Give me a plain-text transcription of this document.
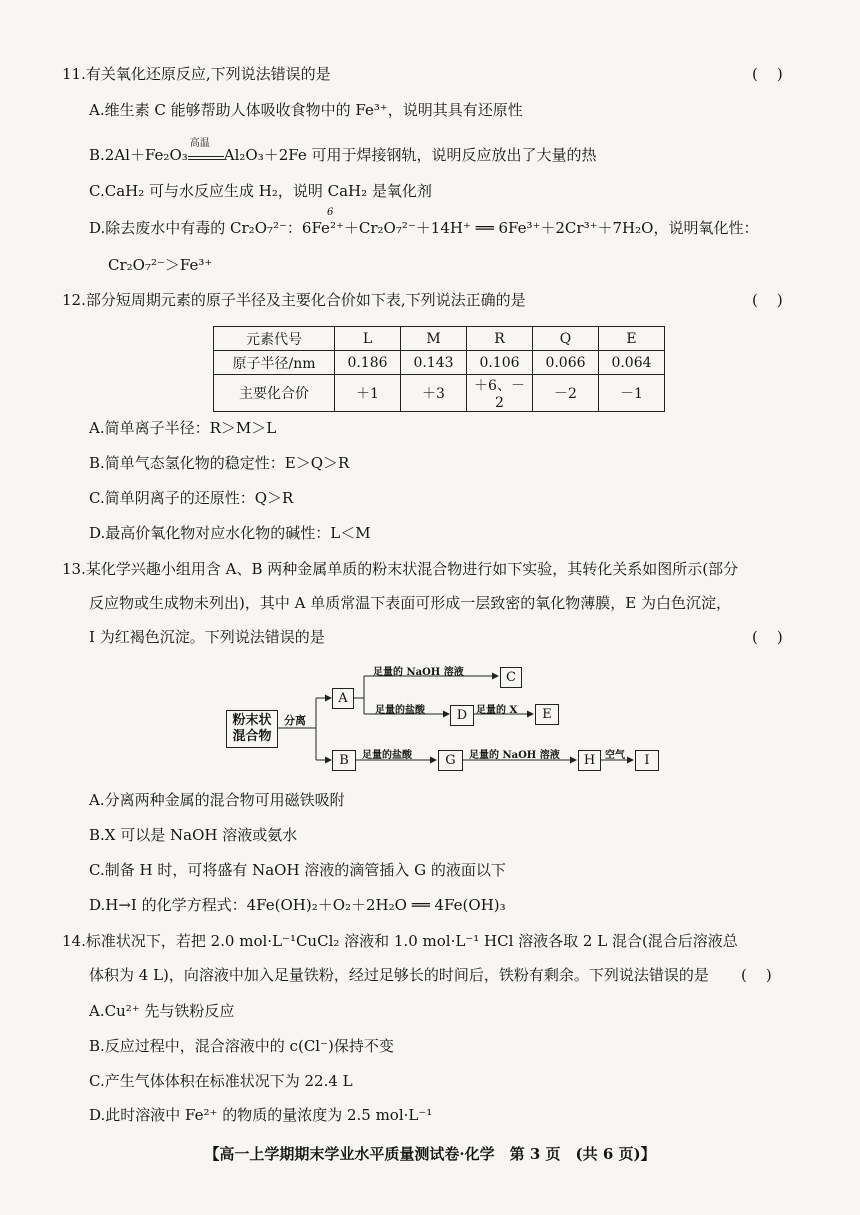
11.有关氧化还原反应,下列说法错误的是	(    )
A.维生素 C 能够帮助人体吸收食物中的 Fe³⁺，说明其具有还原性
B.2Al＋Fe₂O₃
高温
Al₂O₃＋2Fe 可用于焊接钢轨，说明反应放出了大量的热
C.CaH₂ 可与水反应生成 H₂，说明 CaH₂ 是氧化剂
D.除去废水中有毒的 Cr₂O₇²⁻：6Fe²⁺＋Cr₂O₇²⁻＋14H⁺ ══ 6Fe³⁺＋2Cr³⁺＋7H₂O，说明氧化性：
6
Cr₂O₇²⁻＞Fe³⁺
12.部分短周期元素的原子半径及主要化合价如下表,下列说法正确的是	(    )
元素代号	L	M	R	Q	E
原子半径/nm	0.186	0.143	0.106	0.066	0.064
主要化合价	＋1	＋3	＋6、－2	－2	－1
A.简单离子半径：R＞M＞L
B.简单气态氢化物的稳定性：E＞Q＞R
C.简单阴离子的还原性：Q＞R
D.最高价氧化物对应水化物的碱性：L＜M
13.某化学兴趣小组用含 A、B 两种金属单质的粉末状混合物进行如下实验，其转化关系如图所示(部分
反应物或生成物未列出)，其中 A 单质常温下表面可形成一层致密的氧化物薄膜，E 为白色沉淀，
I 为红褐色沉淀。下列说法错误的是	(    )
粉末状
混合物
分离
A
B
C
D	E
G	H	I
足量的 NaOH 溶液
足量的盐酸	足量的 X
足量的盐酸	足量的 NaOH 溶液	空气
A.分离两种金属的混合物可用磁铁吸附
B.X 可以是 NaOH 溶液或氨水
C.制备 H 时，可将盛有 NaOH 溶液的滴管插入 G 的液面以下
D.H→I 的化学方程式：4Fe(OH)₂＋O₂＋2H₂O ══ 4Fe(OH)₃
14.标准状况下，若把 2.0 mol·L⁻¹CuCl₂ 溶液和 1.0 mol·L⁻¹ HCl 溶液各取 2 L 混合(混合后溶液总
体积为 4 L)，向溶液中加入足量铁粉，经过足够长的时间后，铁粉有剩余。下列说法错误的是 (    )
A.Cu²⁺ 先与铁粉反应
B.反应过程中，混合溶液中的 c(Cl⁻)保持不变
C.产生气体体积在标准状况下为 22.4 L
D.此时溶液中 Fe²⁺ 的物质的量浓度为 2.5 mol·L⁻¹
【高一上学期期末学业水平质量测试卷·化学　第 3 页　(共 6 页)】
